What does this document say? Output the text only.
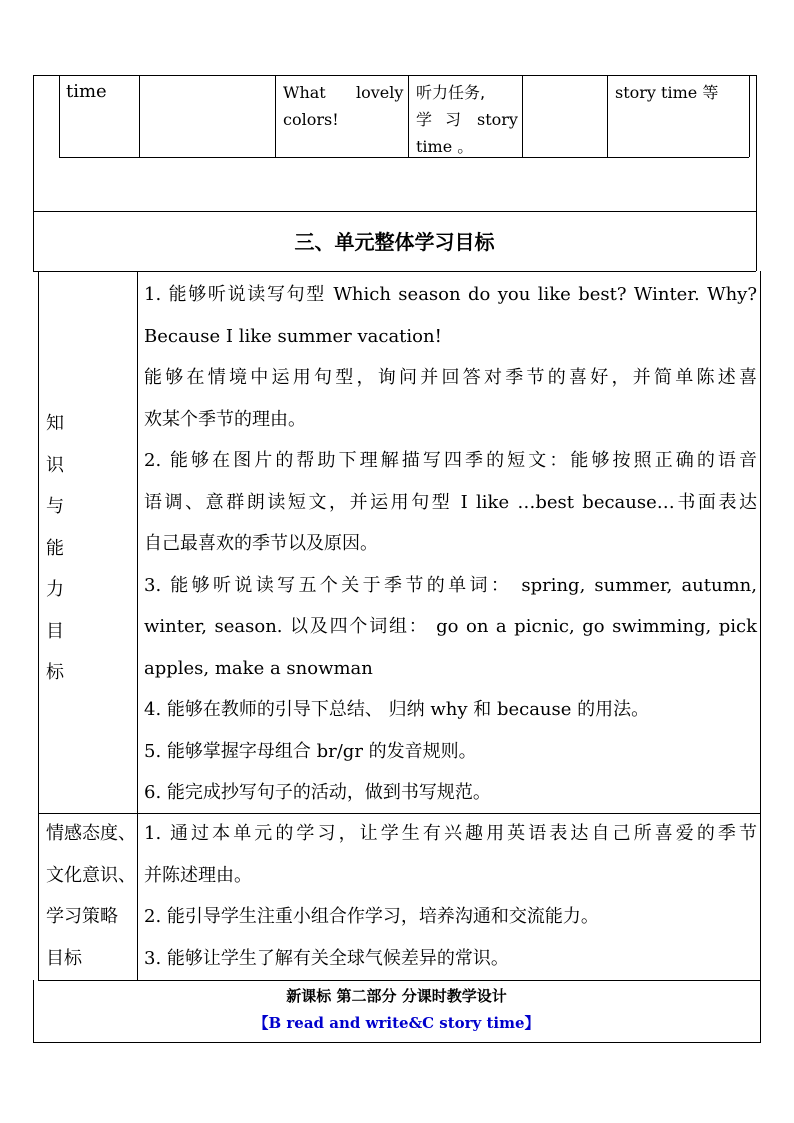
time	What lovely
colors!
听力任务,
学 习 story
time 。
story time 等
三、单元整体学习目标
知
识
与
能
力
目
标
1. 能够听说读写句型 Which season do you like best? Winter. Why?
Because I like summer vacation!
能够在情境中运用句型，询问并回答对季节的喜好，并简单陈述喜
欢某个季节的理由。
2. 能够在图片的帮助下理解描写四季的短文：能够按照正确的语音
语调、意群朗读短文，并运用句型 I like …best because…书面表达
自己最喜欢的季节以及原因。
3. 能够听说读写五个关于季节的单词： spring, summer, autumn,
winter, season. 以及四个词组： go on a picnic, go swimming, pick
apples, make a snowman
4. 能够在教师的引导下总结、 归纳 why 和 because 的用法。
5. 能够掌握字母组合 br/gr 的发音规则。
6. 能完成抄写句子的活动，做到书写规范。
情感态度、
文化意识、
学习策略
目标
1. 通过本单元的学习，让学生有兴趣用英语表达自己所喜爱的季节
并陈述理由。
2. 能引导学生注重小组合作学习，培养沟通和交流能力。
3. 能够让学生了解有关全球气候差异的常识。
新课标 第二部分 分课时教学设计
【B read and write&C story time】
